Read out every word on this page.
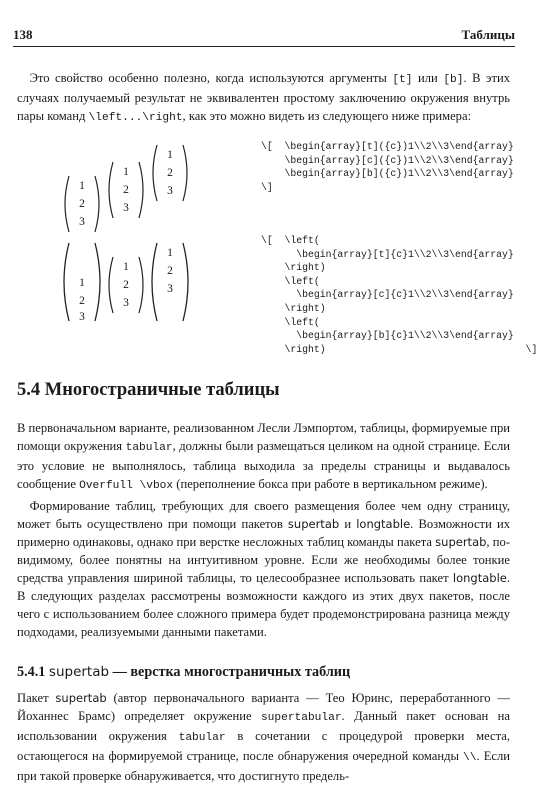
138	Таблицы

 Это свойство особенно полезно, когда используются аргументы [t] или [b]. В этих случаях получаемый результат не эквивалентен простому заключению окружения внутрь пары команд \left...\right, как это можно видеть из следующего ниже примера:

1
2
3
1
2
3
1
2
3
\[  \begin{array}[t]({c})1\\2\\3\end{array}
\begin{array}[c]({c})1\\2\\3\end{array}
\begin{array}[b]({c})1\\2\\3\end{array}
\]
1
2
3
1
2
3
1
2
3
\[  \left(
\begin{array}[t]{c}1\\2\\3\end{array}
\right)
\left(
\begin{array}[c]{c}1\\2\\3\end{array}
\right)
\left(
\begin{array}[b]{c}1\\2\\3\end{array}
\right)                                  \]
5.4 Многостраничные таблицы

В первоначальном варианте, реализованном Лесли Лэмпортом, таблицы, формируемые при помощи окружения tabular, должны были размещаться целиком на одной странице. Если это условие не выполнялось, таблица выходила за пределы страницы и выдавалось сообщение Overfull \vbox (переполнение бокса при работе в вертикальном режиме).

 Формирование таблиц, требующих для своего размещения более чем одну страницу, может быть осуществлено при помощи пакетов supertab и longtable. Возможности их примерно одинаковы, однако при верстке несложных таблиц команды пакета supertab, по-видимому, более понятны на интуитивном уровне. Если же необходимы более тонкие средства управления шириной таблицы, то целесообразнее использовать пакет longtable. В следующих разделах рассмотрены возможности каждого из этих двух пакетов, после чего с использованием более сложного примера будет продемонстрирована разница между подходами, реализуемыми данными пакетами.

5.4.1 supertab — верстка многостраничных таблиц

Пакет supertab (автор первоначального варианта — Тео Юринс, переработанного — Йоханнес Брамс) определяет окружение supertabular. Данный пакет основан на использовании окружения tabular в сочетании с процедурой проверки места, остающегося на формируемой странице, после обнаружения очередной команды \\. Если при такой проверке обнаруживается, что достигнуто предель-
